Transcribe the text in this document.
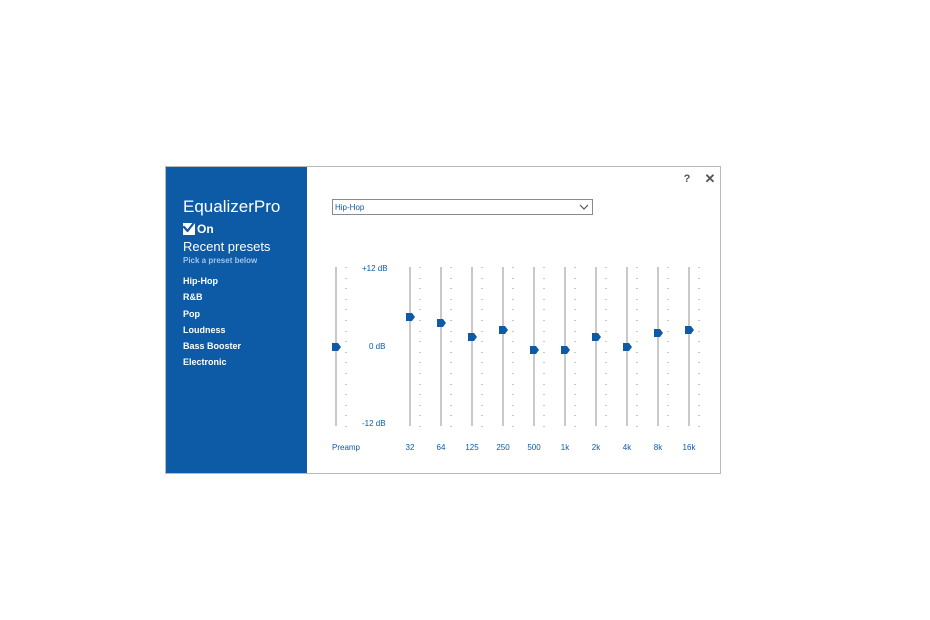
EqualizerPro
On
Recent presets
Pick a preset below
Hip-Hop
R&B
Pop
Loudness
Bass Booster
Electronic
?	✕
Hip-Hop
+12 dB
0 dB
-12 dB
Preamp	32	64 125 250 500	1k	2k	4k	8k	16k
